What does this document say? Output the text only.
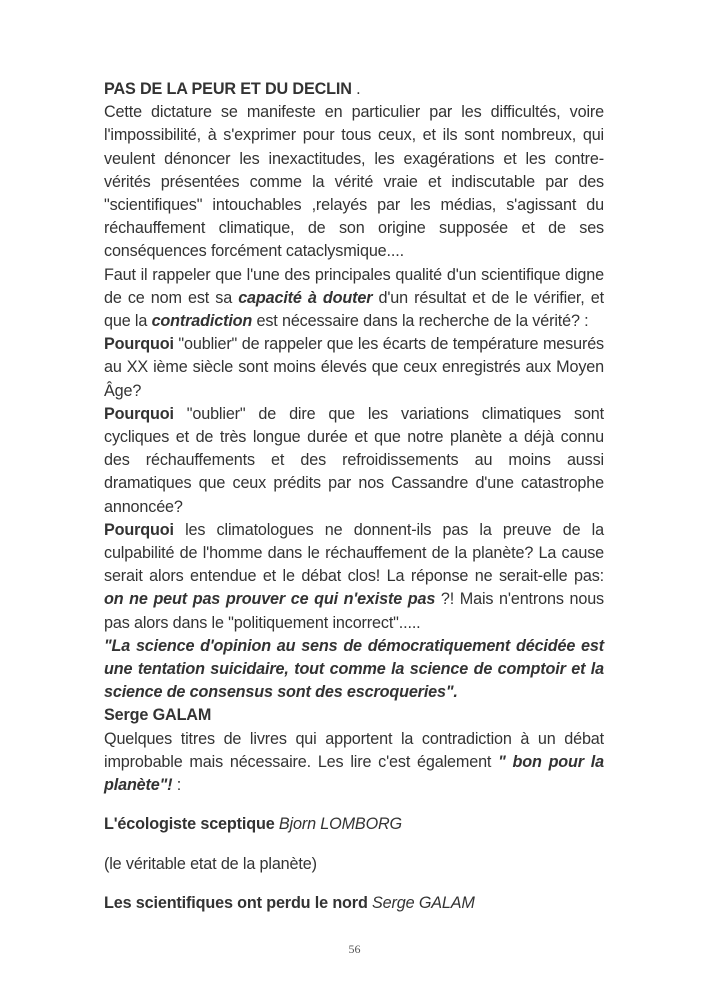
PAS DE LA PEUR ET DU DECLIN .

Cette dictature se manifeste en particulier par les difficultés, voire l'impossibilité, à s'exprimer pour tous ceux, et ils sont nombreux, qui veulent dénoncer les inexactitudes, les exagérations et les contre-vérités présentées comme la vérité vraie et indiscutable par des "scientifiques" intouchables ,relayés par les médias, s'agissant du réchauffement climatique, de son origine supposée et de ses conséquences forcément cataclysmique....

Faut il rappeler que l'une des principales qualité d'un scientifique digne de ce nom est sa capacité à douter d'un résultat et de le vérifier, et que la contradiction est nécessaire dans la recherche de la vérité? :

Pourquoi "oublier" de rappeler que les écarts de température mesurés au XX ième siècle sont moins élevés que ceux enregistrés aux Moyen Âge?

Pourquoi "oublier" de dire que les variations climatiques sont cycliques et de très longue durée et que notre planète a déjà connu des réchauffements et des refroidissements au moins aussi dramatiques que ceux prédits par nos Cassandre d'une catastrophe annoncée?

Pourquoi les climatologues ne donnent-ils pas la preuve de la culpabilité de l'homme dans le réchauffement de la planète? La cause serait alors entendue et le débat clos! La réponse ne serait-elle pas: on ne peut pas prouver ce qui n'existe pas ?! Mais n'entrons nous pas alors dans le "politiquement incorrect".....

"La science d'opinion au sens de démocratiquement décidée est une tentation suicidaire, tout comme la science de comptoir et la science de consensus sont des escroqueries".

Serge GALAM

Quelques titres de livres qui apportent la contradiction à un débat improbable mais nécessaire. Les lire c'est également " bon pour la planète"! :

L'écologiste sceptique Bjorn LOMBORG

(le véritable etat de la planète)

Les scientifiques ont perdu le nord Serge GALAM

56
